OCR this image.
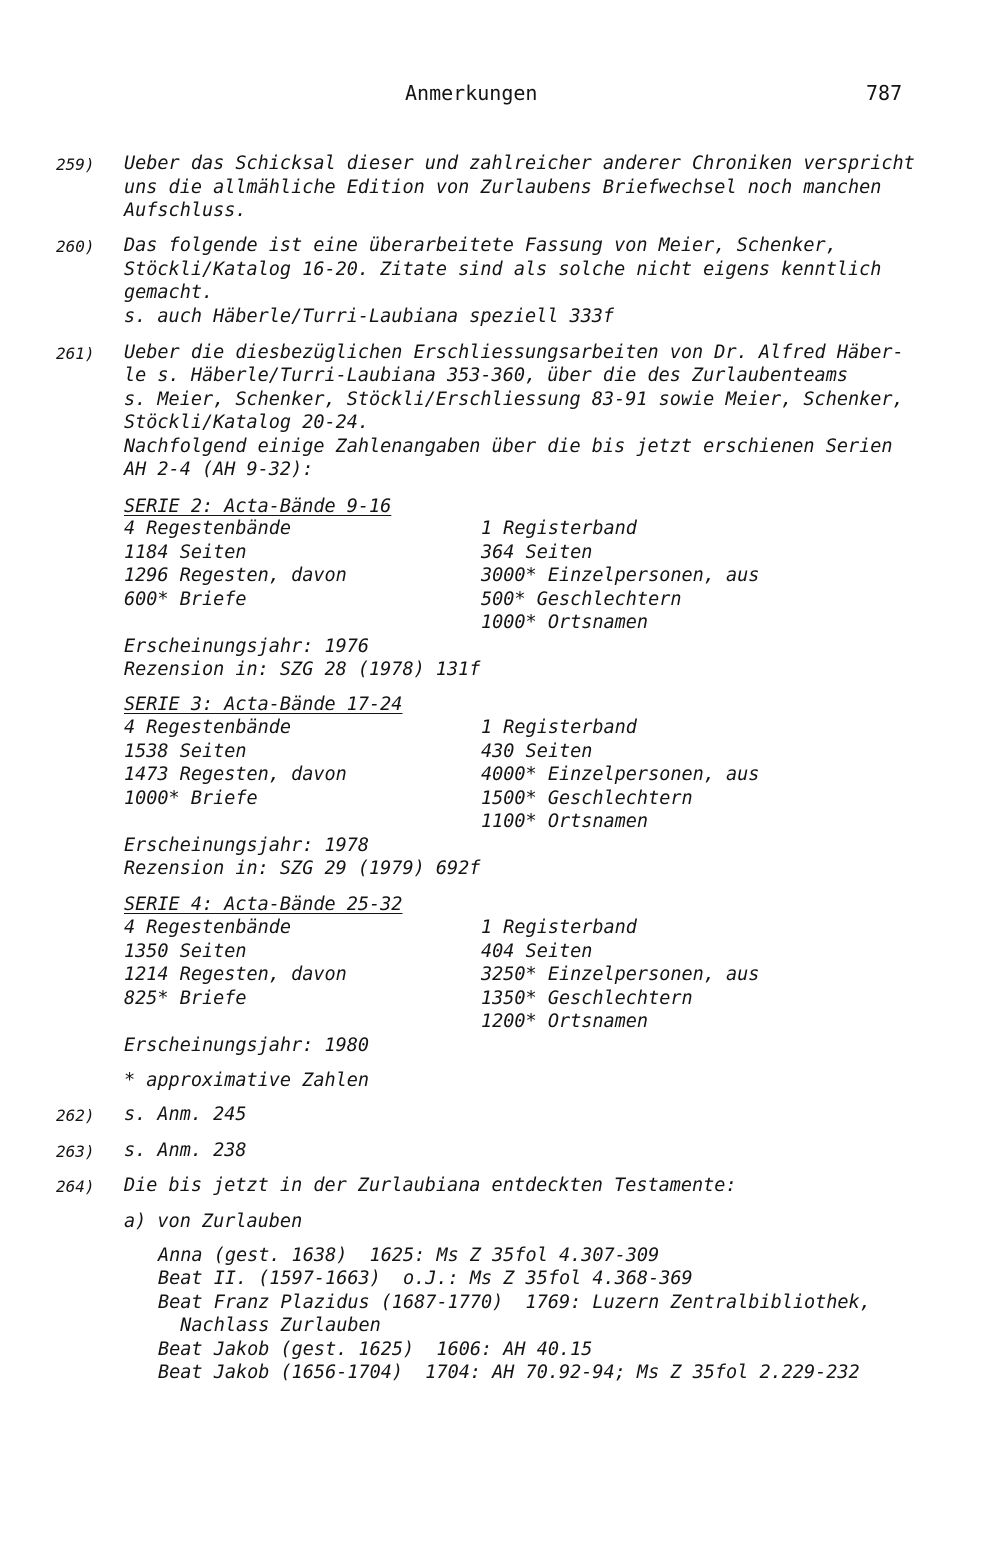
Anmerkungen	787
259) Ueber das Schicksal dieser und zahlreicher anderer Chroniken verspricht
uns die allmähliche Edition von Zurlaubens Briefwechsel noch manchen
Aufschluss.
260) Das folgende ist eine überarbeitete Fassung von Meier, Schenker,
Stöckli/Katalog 16-20. Zitate sind als solche nicht eigens kenntlich
gemacht.
s. auch Häberle/Turri-Laubiana speziell 333f
261) Ueber die diesbezüglichen Erschliessungsarbeiten von Dr. Alfred Häber-
le s. Häberle/Turri-Laubiana 353-360, über die des Zurlaubenteams
s. Meier, Schenker, Stöckli/Erschliessung 83-91 sowie Meier, Schenker,
Stöckli/Katalog 20-24.
Nachfolgend einige Zahlenangaben über die bis jetzt erschienen Serien
AH 2-4 (AH 9-32):
SERIE 2: Acta-Bände 9-16
4 Regestenbände
1184 Seiten
1296 Regesten, davon
600* Briefe
1 Registerband
364 Seiten
3000* Einzelpersonen, aus
500* Geschlechtern
1000* Ortsnamen
Erscheinungsjahr: 1976
Rezension in: SZG 28 (1978) 131f
SERIE 3: Acta-Bände 17-24
4 Regestenbände
1538 Seiten
1473 Regesten, davon
1000* Briefe
1 Registerband
430 Seiten
4000* Einzelpersonen, aus
1500* Geschlechtern
1100* Ortsnamen
Erscheinungsjahr: 1978
Rezension in: SZG 29 (1979) 692f
SERIE 4: Acta-Bände 25-32
4 Regestenbände
1350 Seiten
1214 Regesten, davon
825* Briefe
1 Registerband
404 Seiten
3250* Einzelpersonen, aus
1350* Geschlechtern
1200* Ortsnamen
Erscheinungsjahr: 1980
* approximative Zahlen
262) s. Anm. 245
263) s. Anm. 238
264) Die bis jetzt in der Zurlaubiana entdeckten Testamente:
a) von Zurlauben
Anna (gest. 1638)  1625: Ms Z 35fol 4.307-309
Beat II. (1597-1663)  o.J.: Ms Z 35fol 4.368-369
Beat Franz Plazidus (1687-1770)  1769: Luzern Zentralbibliothek,
Nachlass Zurlauben
Beat Jakob (gest. 1625)  1606: AH 40.15
Beat Jakob (1656-1704)  1704: AH 70.92-94; Ms Z 35fol 2.229-232
